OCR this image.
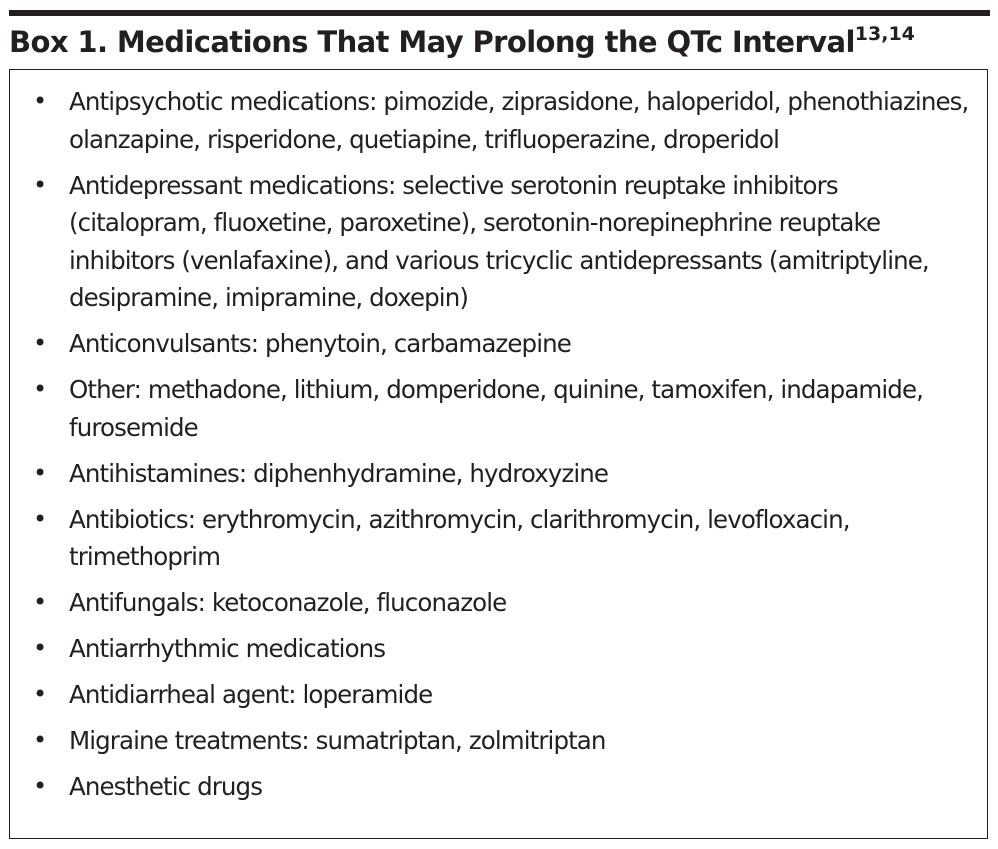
Box 1. Medications That May Prolong the QTc Interval$^{13,14}$
• Antipsychotic medications: pimozide, ziprasidone, haloperidol, phenothiazines, olanzapine, risperidone, quetiapine, trifluoperazine, droperidol
• Antidepressant medications: selective serotonin reuptake inhibitors (citalopram, fluoxetine, paroxetine), serotonin-norepinephrine reuptake inhibitors (venlafaxine), and various tricyclic antidepressants (amitriptyline, desipramine, imipramine, doxepin)
• Anticonvulsants: phenytoin, carbamazepine
• Other: methadone, lithium, domperidone, quinine, tamoxifen, indapamide, furosemide
• Antihistamines: diphenhydramine, hydroxyzine
• Antibiotics: erythromycin, azithromycin, clarithromycin, levofloxacin, trimethoprim
• Antifungals: ketoconazole, fluconazole
• Antiarrhythmic medications
• Antidiarrheal agent: loperamide
• Migraine treatments: sumatriptan, zolmitriptan
• Anesthetic drugs
